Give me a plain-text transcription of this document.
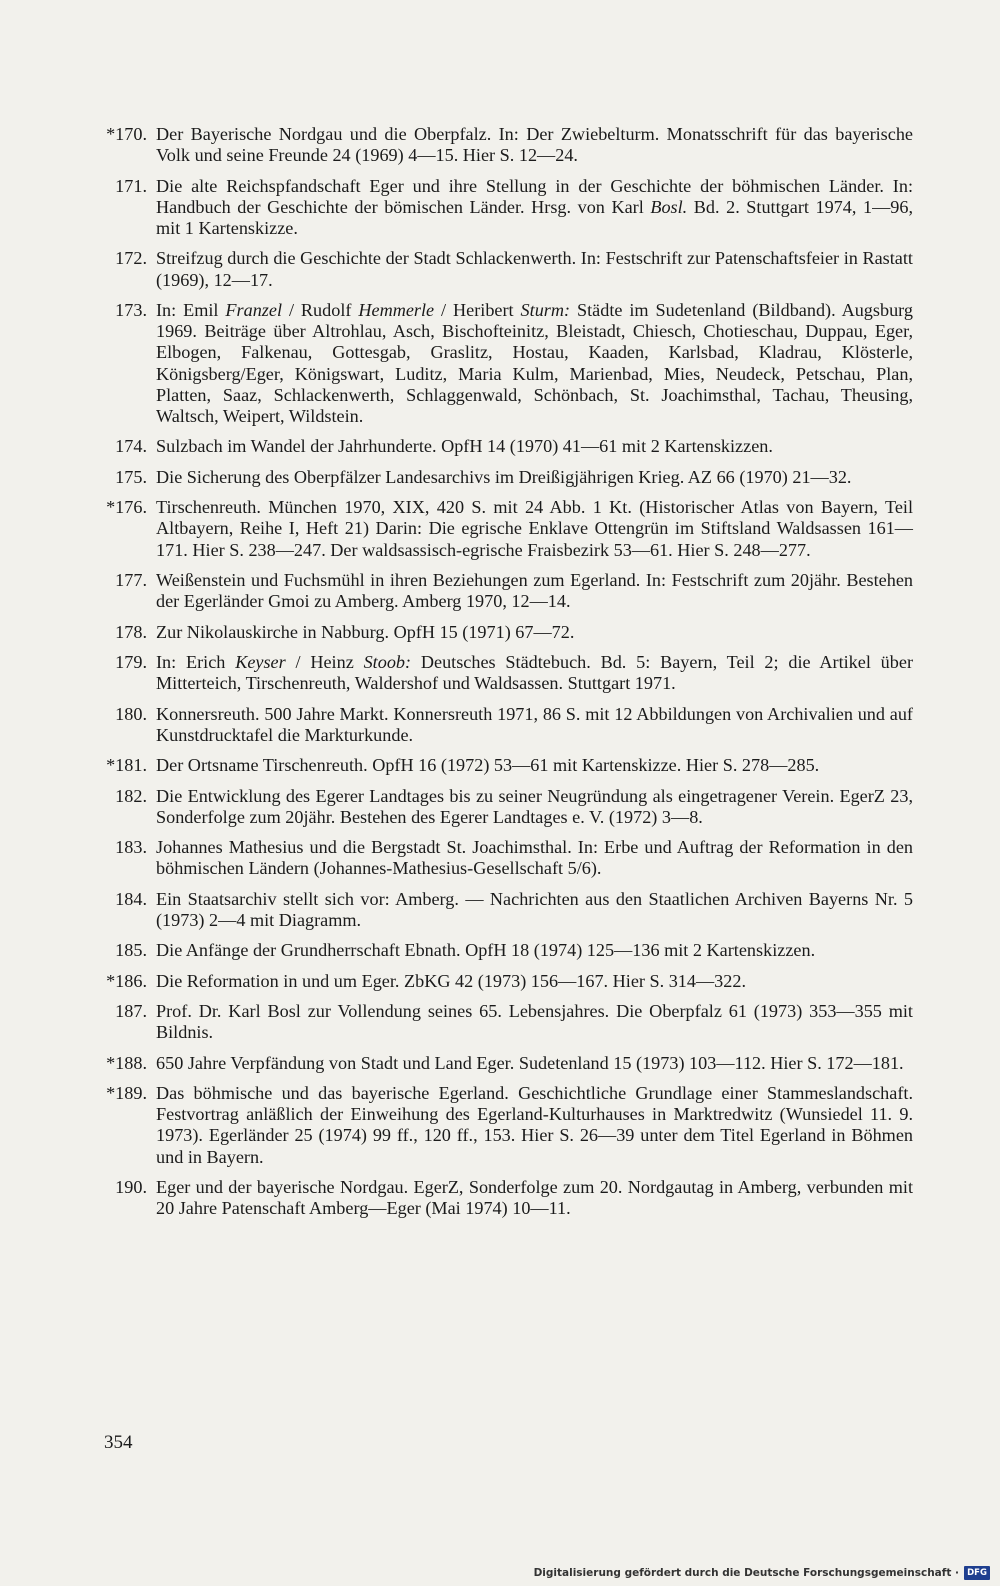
*170. Der Bayerische Nordgau und die Oberpfalz. In: Der Zwiebelturm. Monatsschrift für das bayerische Volk und seine Freunde 24 (1969) 4—15. Hier S. 12—24.
171. Die alte Reichspfandschaft Eger und ihre Stellung in der Geschichte der böhmischen Länder. In: Handbuch der Geschichte der bömischen Länder. Hrsg. von Karl Bosl. Bd. 2. Stuttgart 1974, 1—96, mit 1 Kartenskizze.
172. Streifzug durch die Geschichte der Stadt Schlackenwerth. In: Festschrift zur Patenschaftsfeier in Rastatt (1969), 12—17.
173. In: Emil Franzel / Rudolf Hemmerle / Heribert Sturm: Städte im Sudetenland (Bildband). Augsburg 1969. Beiträge über Altrohlau, Asch, Bischofteinitz, Bleistadt, Chiesch, Chotieschau, Duppau, Eger, Elbogen, Falkenau, Gottesgab, Graslitz, Hostau, Kaaden, Karlsbad, Kladrau, Klösterle, Königsberg/Eger, Königswart, Luditz, Maria Kulm, Marienbad, Mies, Neudeck, Petschau, Plan, Platten, Saaz, Schlackenwerth, Schlaggenwald, Schönbach, St. Joachimsthal, Tachau, Theusing, Waltsch, Weipert, Wildstein.
174. Sulzbach im Wandel der Jahrhunderte. OpfH 14 (1970) 41—61 mit 2 Kartenskizzen.
175. Die Sicherung des Oberpfälzer Landesarchivs im Dreißigjährigen Krieg. AZ 66 (1970) 21—32.
*176. Tirschenreuth. München 1970, XIX, 420 S. mit 24 Abb. 1 Kt. (Historischer Atlas von Bayern, Teil Altbayern, Reihe I, Heft 21) Darin: Die egrische Enklave Ottengrün im Stiftsland Waldsassen 161—171. Hier S. 238—247. Der waldsassisch-egrische Fraisbezirk 53—61. Hier S. 248—277.
177. Weißenstein und Fuchsmühl in ihren Beziehungen zum Egerland. In: Festschrift zum 20jähr. Bestehen der Egerländer Gmoi zu Amberg. Amberg 1970, 12—14.
178. Zur Nikolauskirche in Nabburg. OpfH 15 (1971) 67—72.
179. In: Erich Keyser / Heinz Stoob: Deutsches Städtebuch. Bd. 5: Bayern, Teil 2; die Artikel über Mitterteich, Tirschenreuth, Waldershof und Waldsassen. Stuttgart 1971.
180. Konnersreuth. 500 Jahre Markt. Konnersreuth 1971, 86 S. mit 12 Abbildungen von Archivalien und auf Kunstdrucktafel die Markturkunde.
*181. Der Ortsname Tirschenreuth. OpfH 16 (1972) 53—61 mit Kartenskizze. Hier S. 278—285.
182. Die Entwicklung des Egerer Landtages bis zu seiner Neugründung als eingetragener Verein. EgerZ 23, Sonderfolge zum 20jähr. Bestehen des Egerer Landtages e. V. (1972) 3—8.
183. Johannes Mathesius und die Bergstadt St. Joachimsthal. In: Erbe und Auftrag der Reformation in den böhmischen Ländern (Johannes-Mathesius-Gesellschaft 5/6).
184. Ein Staatsarchiv stellt sich vor: Amberg. — Nachrichten aus den Staatlichen Archiven Bayerns Nr. 5 (1973) 2—4 mit Diagramm.
185. Die Anfänge der Grundherrschaft Ebnath. OpfH 18 (1974) 125—136 mit 2 Kartenskizzen.
*186. Die Reformation in und um Eger. ZbKG 42 (1973) 156—167. Hier S. 314—322.
187. Prof. Dr. Karl Bosl zur Vollendung seines 65. Lebensjahres. Die Oberpfalz 61 (1973) 353—355 mit Bildnis.
*188. 650 Jahre Verpfändung von Stadt und Land Eger. Sudetenland 15 (1973) 103—112. Hier S. 172—181.
*189. Das böhmische und das bayerische Egerland. Geschichtliche Grundlage einer Stammeslandschaft. Festvortrag anläßlich der Einweihung des Egerland-Kulturhauses in Marktredwitz (Wunsiedel 11. 9. 1973). Egerländer 25 (1974) 99 ff., 120 ff., 153. Hier S. 26—39 unter dem Titel Egerland in Böhmen und in Bayern.
190. Eger und der bayerische Nordgau. EgerZ, Sonderfolge zum 20. Nordgautag in Amberg, verbunden mit 20 Jahre Patenschaft Amberg—Eger (Mai 1974) 10—11.
354
Digitalisierung gefördert durch die Deutsche Forschungsgemeinschaft · DFG
